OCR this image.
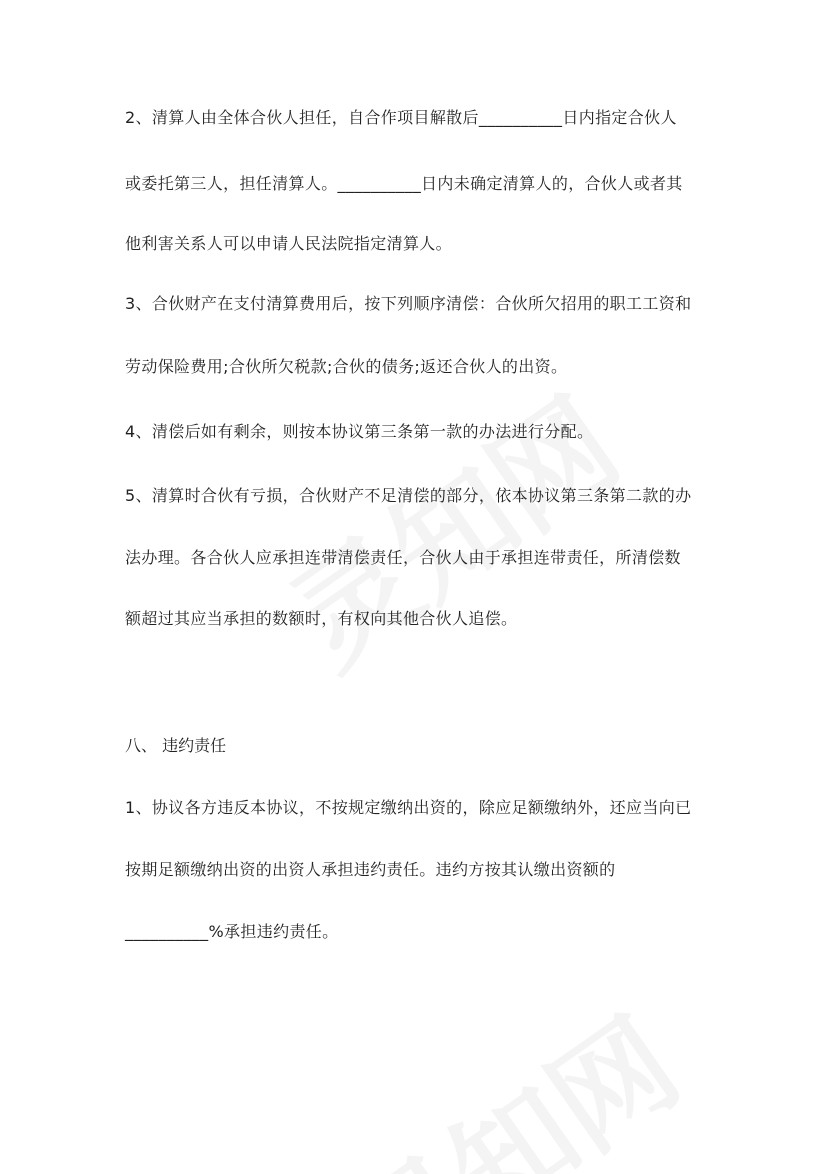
2、清算人由全体合伙人担任，自合作项目解散后__________日内指定合伙人
或委托第三人，担任清算人。__________日内未确定清算人的，合伙人或者其
他利害关系人可以申请人民法院指定清算人。
3、合伙财产在支付清算费用后，按下列顺序清偿：合伙所欠招用的职工工资和
劳动保险费用;合伙所欠税款;合伙的债务;返还合伙人的出资。
4、清偿后如有剩余，则按本协议第三条第一款的办法进行分配。
5、清算时合伙有亏损，合伙财产不足清偿的部分，依本协议第三条第二款的办
法办理。各合伙人应承担连带清偿责任，合伙人由于承担连带责任，所清偿数
额超过其应当承担的数额时，有权向其他合伙人追偿。
八、 违约责任
1、协议各方违反本协议，不按规定缴纳出资的，除应足额缴纳外，还应当向已
按期足额缴纳出资的出资人承担违约责任。违约方按其认缴出资额的
__________%承担违约责任。
